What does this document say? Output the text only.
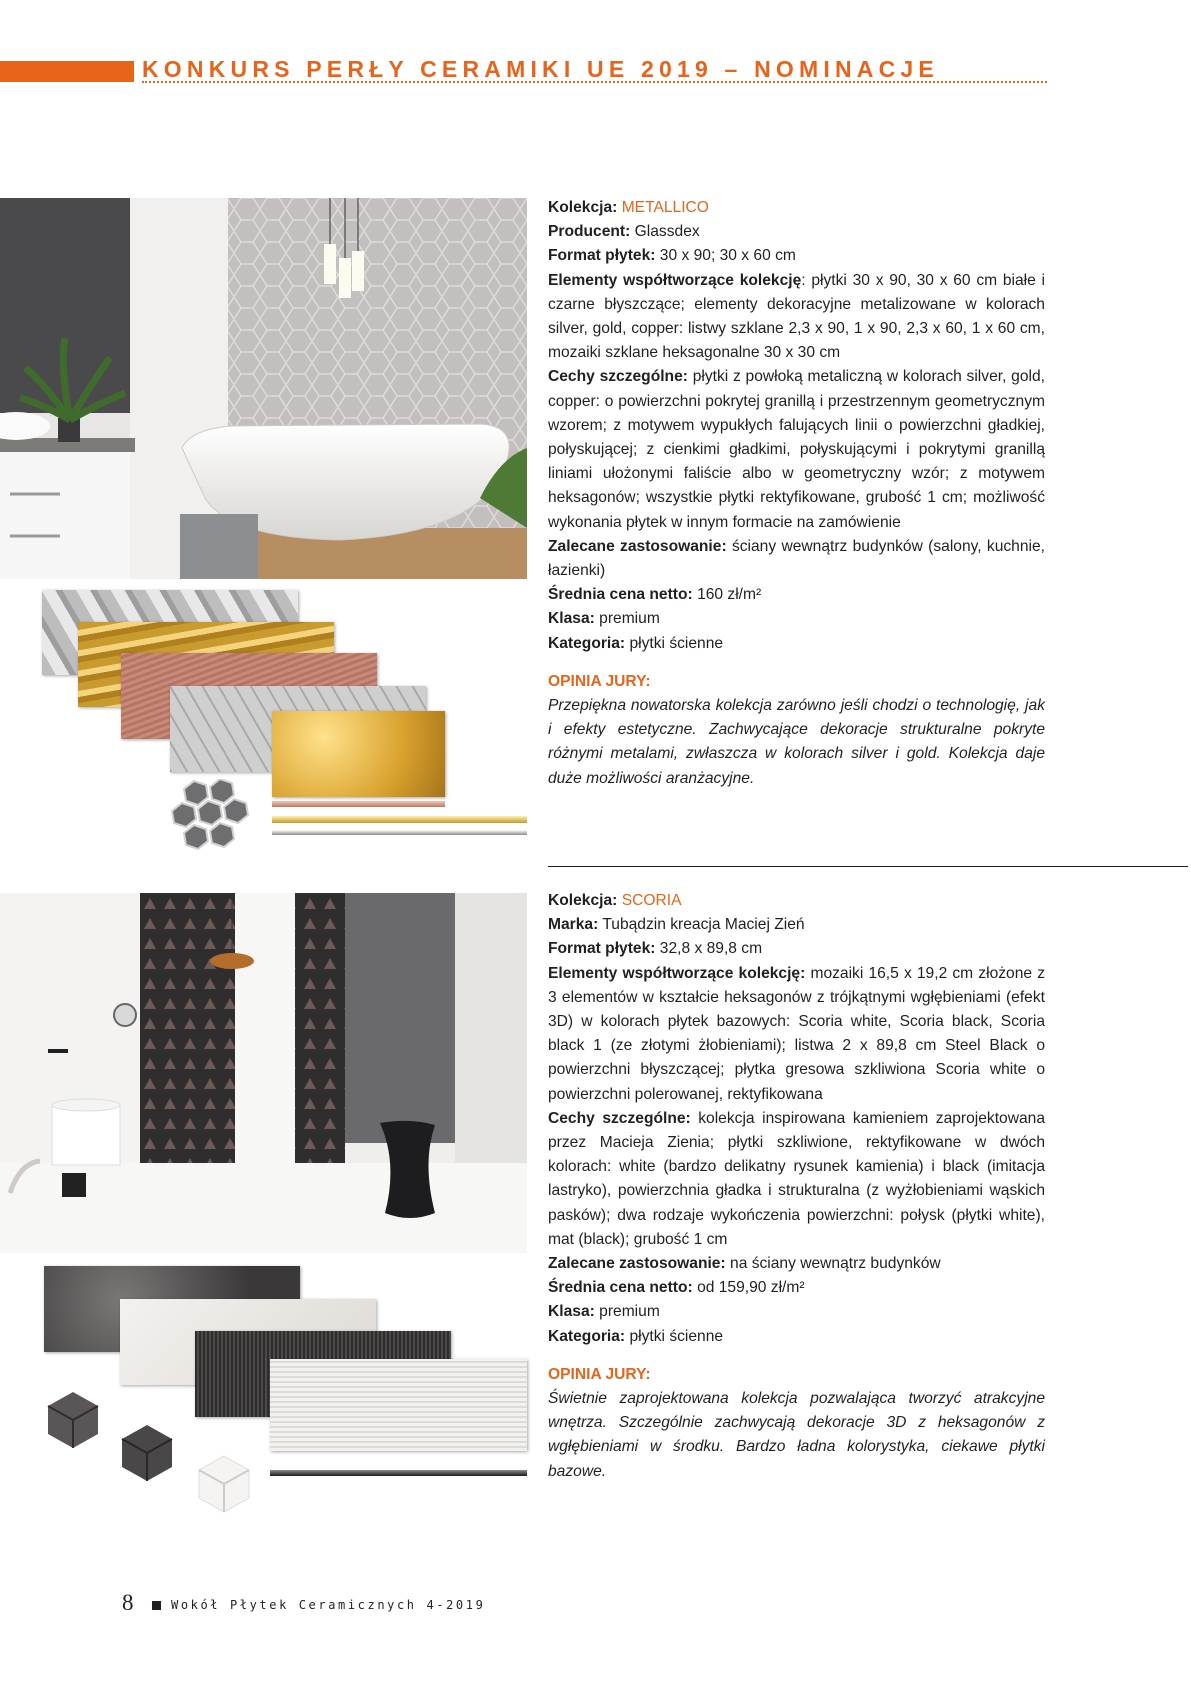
KONKURS PERŁY CERAMIKI UE 2019 – NOMINACJE

Kolekcja: METALLICO

Producent: Glassdex

Format płytek: 30 x 90; 30 x 60 cm

Elementy współtworzące kolekcję: płytki 30 x 90, 30 x 60 cm białe i czarne błyszczące; elementy dekoracyjne metalizowane w kolorach silver, gold, copper: listwy szklane 2,3 x 90, 1 x 90, 2,3 x 60, 1 x 60 cm, mozaiki szklane heksagonalne 30 x 30 cm

Cechy szczególne: płytki z powłoką metaliczną w kolorach silver, gold, copper: o powierzchni pokrytej granillą i przestrzennym geometrycznym wzorem; z motywem wypukłych falujących linii o powierzchni gładkiej, połyskującej; z cienkimi gładkimi, połyskującymi i pokrytymi granillą liniami ułożonymi faliście albo w geometryczny wzór; z motywem heksagonów; wszystkie płytki rektyfikowane, grubość 1 cm; możliwość wykonania płytek w innym formacie na zamówienie

Zalecane zastosowanie: ściany wewnątrz budynków (salony, kuchnie, łazienki)

Średnia cena netto: 160 zł/m²

Klasa: premium

Kategoria: płytki ścienne

OPINIA JURY:

Przepiękna nowatorska kolekcja zarówno jeśli chodzi o technologię, jak i efekty estetyczne. Zachwycające dekoracje strukturalne pokryte różnymi metalami, zwłaszcza w kolorach silver i gold. Kolekcja daje duże możliwości aranżacyjne.

Kolekcja: SCORIA

Marka: Tubądzin kreacja Maciej Zień

Format płytek: 32,8 x 89,8 cm

Elementy współtworzące kolekcję: mozaiki 16,5 x 19,2 cm złożone z 3 elementów w kształcie heksagonów z trójkątnymi wgłębieniami (efekt 3D) w kolorach płytek bazowych: Scoria white, Scoria black, Scoria black 1 (ze złotymi żłobieniami); listwa 2 x 89,8 cm Steel Black o powierzchni błyszczącej; płytka gresowa szkliwiona Scoria white o powierzchni polerowanej, rektyfikowana

Cechy szczególne: kolekcja inspirowana kamieniem zaprojektowana przez Macieja Zienia; płytki szkliwione, rektyfikowane w dwóch kolorach: white (bardzo delikatny rysunek kamienia) i black (imitacja lastryko), powierzchnia gładka i strukturalna (z wyżłobieniami wąskich pasków); dwa rodzaje wykończenia powierzchni: połysk (płytki white), mat (black); grubość 1 cm

Zalecane zastosowanie: na ściany wewnątrz budynków

Średnia cena netto: od 159,90 zł/m²

Klasa: premium

Kategoria: płytki ścienne

OPINIA JURY:

Świetnie zaprojektowana kolekcja pozwalająca tworzyć atrakcyjne wnętrza. Szczególnie zachwycają dekoracje 3D z heksagonów z wgłębieniami w środku. Bardzo ładna kolorystyka, ciekawe płytki bazowe.

8	Wokół Płytek Ceramicznych 4-2019
